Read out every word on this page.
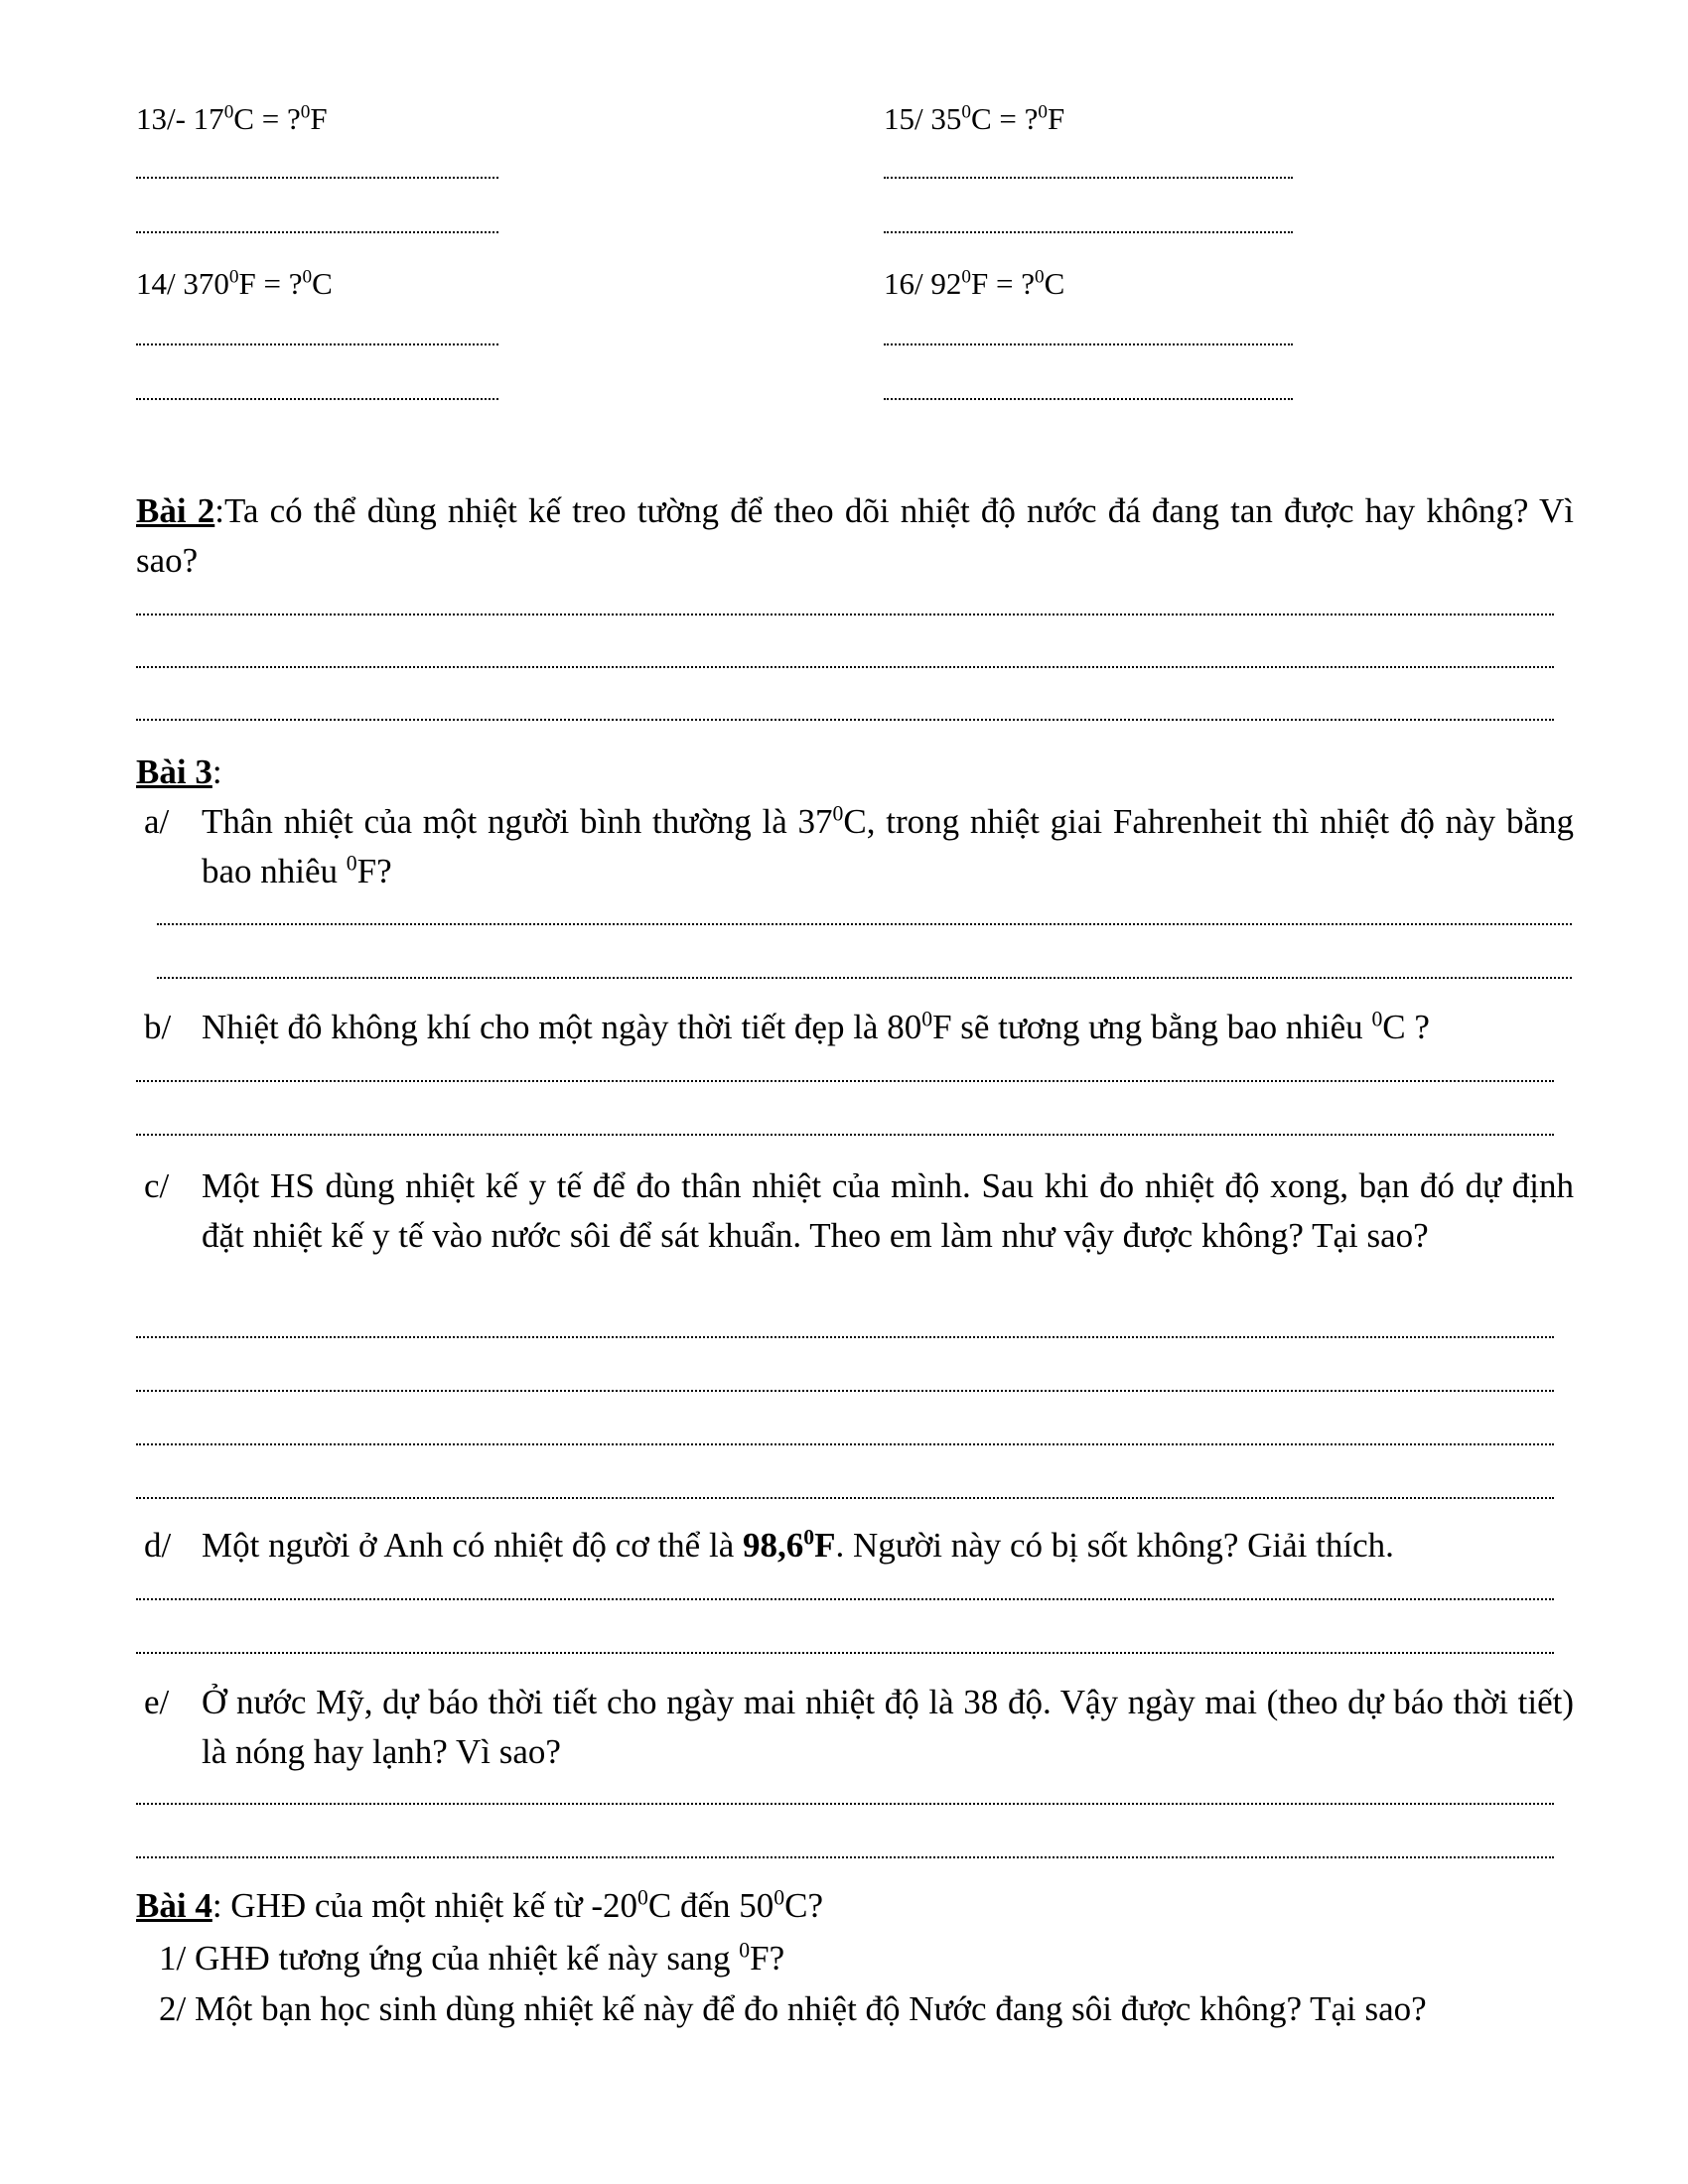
13/- $17^0C$ = ?$^0$F	15/ $35^0C$ = ?$^0$F
14/ $370^0F$ = ?$^0$C	16/ $92^0F$ = ?$^0$C
Bài 2:Ta có thể dùng nhiệt kế treo tường để theo dõi nhiệt độ nước đá đang tan được hay không? Vì sao?
Bài 3:
a/ Thân nhiệt của một người bình thường là $37^0C$, trong nhiệt giai Fahrenheit thì nhiệt độ này bằng bao nhiêu $^0$F?
b/ Nhiệt đô không khí cho một ngày thời tiết đẹp là $80^0F$ sẽ tương ưng bằng bao nhiêu $^0$C ?
c/ Một HS dùng nhiệt kế y tế để đo thân nhiệt của mình. Sau khi đo nhiệt độ xong, bạn đó dự định đặt nhiệt kế y tế vào nước sôi để sát khuẩn. Theo em làm như vậy được không? Tại sao?
d/ Một người ở Anh có nhiệt độ cơ thể là 98,6$^0$F. Người này có bị sốt không? Giải thích.
e/ Ở nước Mỹ, dự báo thời tiết cho ngày mai nhiệt độ là 38 độ. Vậy ngày mai (theo dự báo thời tiết) là nóng hay lạnh? Vì sao?
Bài 4: GHĐ của một nhiệt kế từ $-20^0C$ đến $50^0C$?
1/ GHĐ tương ứng của nhiệt kế này sang $^0$F?
2/ Một bạn học sinh dùng nhiệt kế này để đo nhiệt độ Nước đang sôi được không? Tại sao?
